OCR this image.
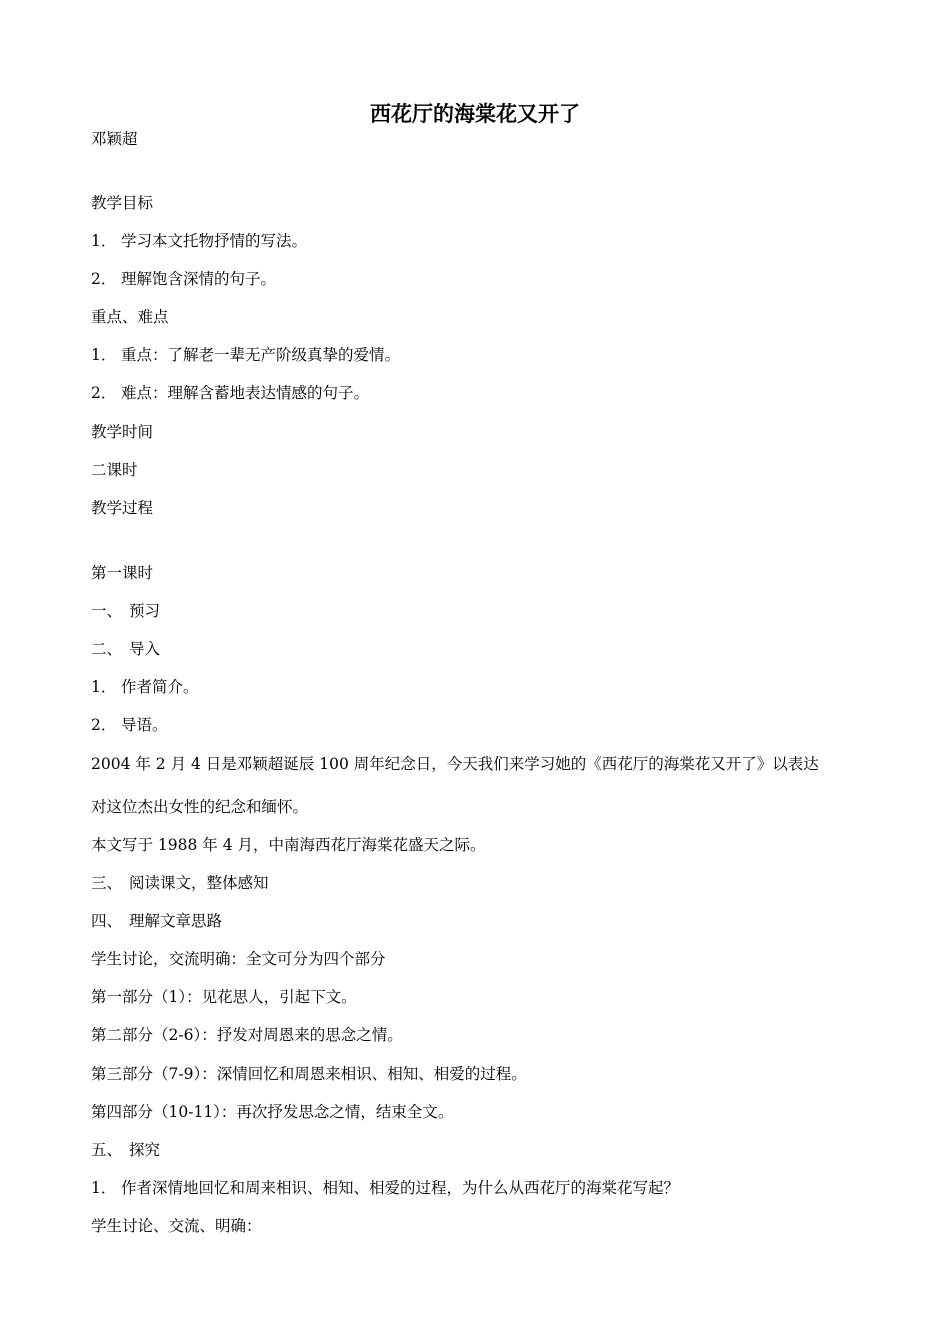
西花厅的海棠花又开了
邓颖超
教学目标
1． 学习本文托物抒情的写法。
2． 理解饱含深情的句子。
重点、难点
1． 重点：了解老一辈无产阶级真挚的爱情。
2． 难点：理解含蓄地表达情感的句子。
教学时间
二课时
教学过程
第一课时
一、 预习
二、 导入
1． 作者简介。
2． 导语。
2004 年 2 月 4 日是邓颖超诞辰 100 周年纪念日，今天我们来学习她的《西花厅的海棠花又开了》以表达
对这位杰出女性的纪念和缅怀。
本文写于 1988 年 4 月，中南海西花厅海棠花盛天之际。
三、 阅读课文，整体感知
四、 理解文章思路
学生讨论，交流明确：全文可分为四个部分
第一部分（1）：见花思人，引起下文。
第二部分（2-6）：抒发对周恩来的思念之情。
第三部分（7-9）：深情回忆和周恩来相识、相知、相爱的过程。
第四部分（10-11）：再次抒发思念之情，结束全文。
五、 探究
1． 作者深情地回忆和周来相识、相知、相爱的过程，为什么从西花厅的海棠花写起？
学生讨论、交流、明确：
